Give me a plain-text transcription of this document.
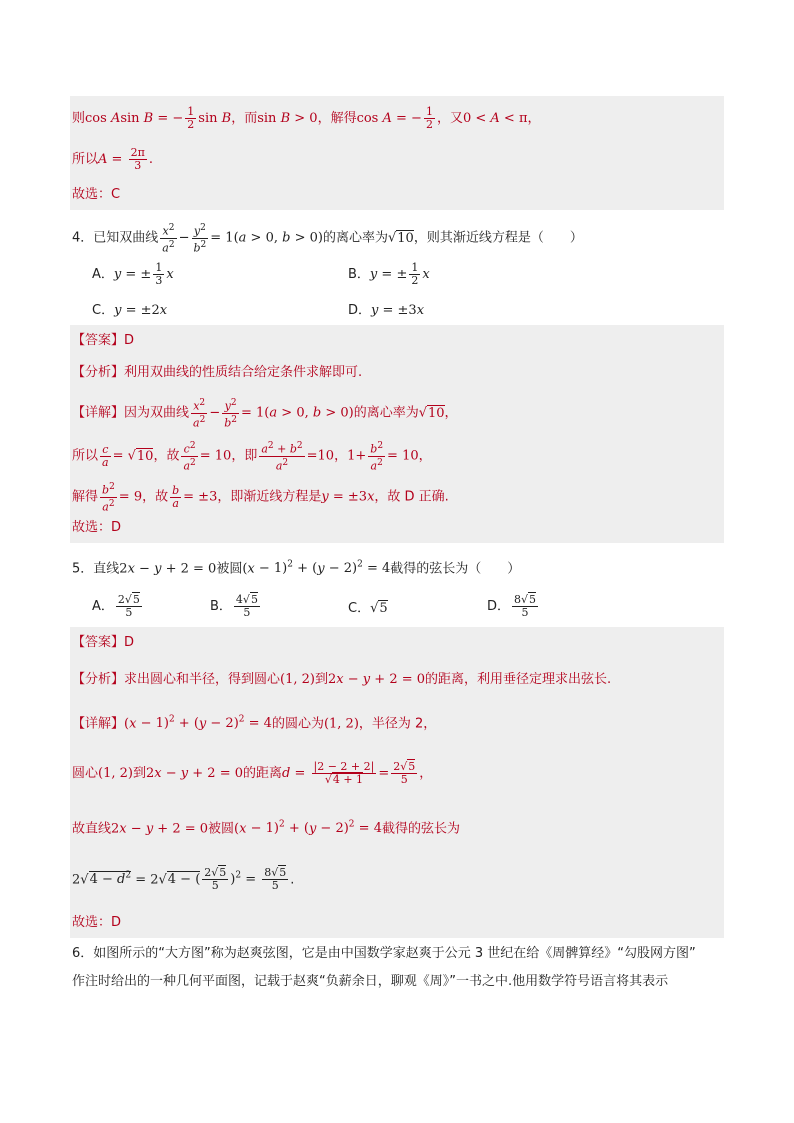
则cos Asin B = − $\frac{1}{2}$ sin B，而sin B > 0，解得cos A = − $\frac{1}{2}$ ，又0 < A < π，
所以$A = \frac{2\pi}{3}$ .
故选：C
4．已知双曲线 $\frac{x^2}{a^2} - \frac{y^2}{b^2} = 1(a > 0$, b > 0)的离心率为√10，则其渐近线方程是（　　）
A．y = ± $\frac{1}{3}$ x	B．y = ± $\frac{1}{2}$ x
C．y = ±2x	D．y = ±3x
【答案】D
【分析】利用双曲线的性质结合给定条件求解即可.
【详解】因为双曲线 $\frac{x^2}{a^2} - \frac{y^2}{b^2} = 1(a > 0$, b > 0)的离心率为√10，
所以 $\frac{c}{a} = √10$，故 $\frac{c^2}{a^2} = 10$，即 $\frac{a^2 + b^2}{a^2} =10$，$1+ \frac{b^2}{a^2} = 10$，
解得 $\frac{b^2}{a^2} = 9$，故 $\frac{b}{a} = \pm 3$，即渐近线方程是y = ±3x，故 D 正确.
故选：D
5．直线2x − y + 2 = 0被圆$(x - 1)^2 + (y - 2)^2 = 4$截得的弦长为（　　）
A． $\frac{2√5}{5}$	B． $\frac{4√5}{5}$	C．√5	D． $\frac{8√5}{5}$
【答案】D
【分析】求出圆心和半径，得到圆心(1, 2)到2x − y + 2 = 0的距离，利用垂径定理求出弦长.
【详解】$(x - 1)^2 + (y - 2)^2 = 4$的圆心为(1, 2)，半径为 2，
圆心(1, 2)到2x − y + 2 = 0的距离$d = \frac{|2 - 2 + 2|}{√4 + 1} = \frac{2√5}{5}$ ，
故直线2x − y + 2 = 0被圆$(x - 1)^2 + (y - 2)^2 = 4$截得的弦长为
$2√4 - d^2 = 2√4$ − ( $\frac{2√5}{5} )^2 = \frac{8√5}{5}$ .
故选：D
6．如图所示的“大方图”称为赵爽弦图，它是由中国数学家赵爽于公元 3 世纪在给《周髀算经》“勾股网方图”
作注时给出的一种几何平面图，记载于赵爽“负薪余日，聊观《周》”一书之中.他用数学符号语言将其表示
